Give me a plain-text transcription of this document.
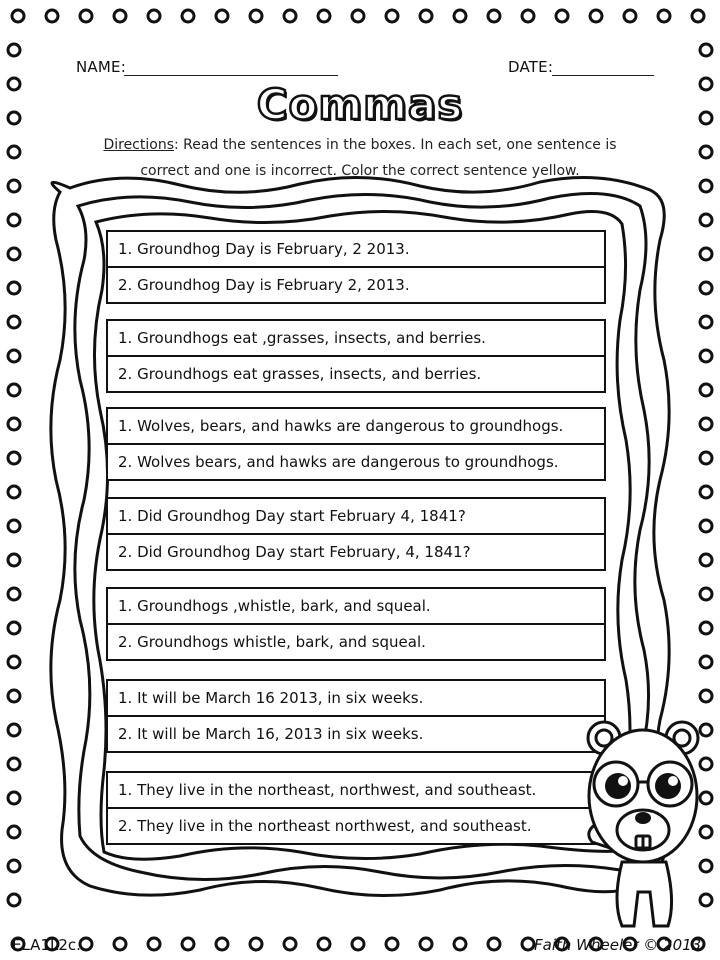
NAME:	DATE:
Commas
Directions: Read the sentences in the boxes. In each set, one sentence is
correct and one is incorrect. Color the correct sentence yellow.
1. Groundhog Day is February, 2 2013.
2. Groundhog Day is February 2, 2013.
1. Groundhogs eat ,grasses, insects, and berries.
2. Groundhogs eat grasses, insects, and berries.
1. Wolves, bears, and hawks are dangerous to groundhogs.
2. Wolves bears, and hawks are dangerous to groundhogs.
1. Did Groundhog Day start February 4, 1841?
2. Did Groundhog Day start February, 4, 1841?
1. Groundhogs ,whistle, bark, and squeal.
2. Groundhogs whistle, bark, and squeal.
1. It will be March 16 2013, in six weeks.
2. It will be March 16, 2013 in six weeks.
1. They live in the northeast, northwest, and southeast.
2. They live in the northeast northwest, and southeast.
ELA1L2c.	Faith Wheeler © 2013
